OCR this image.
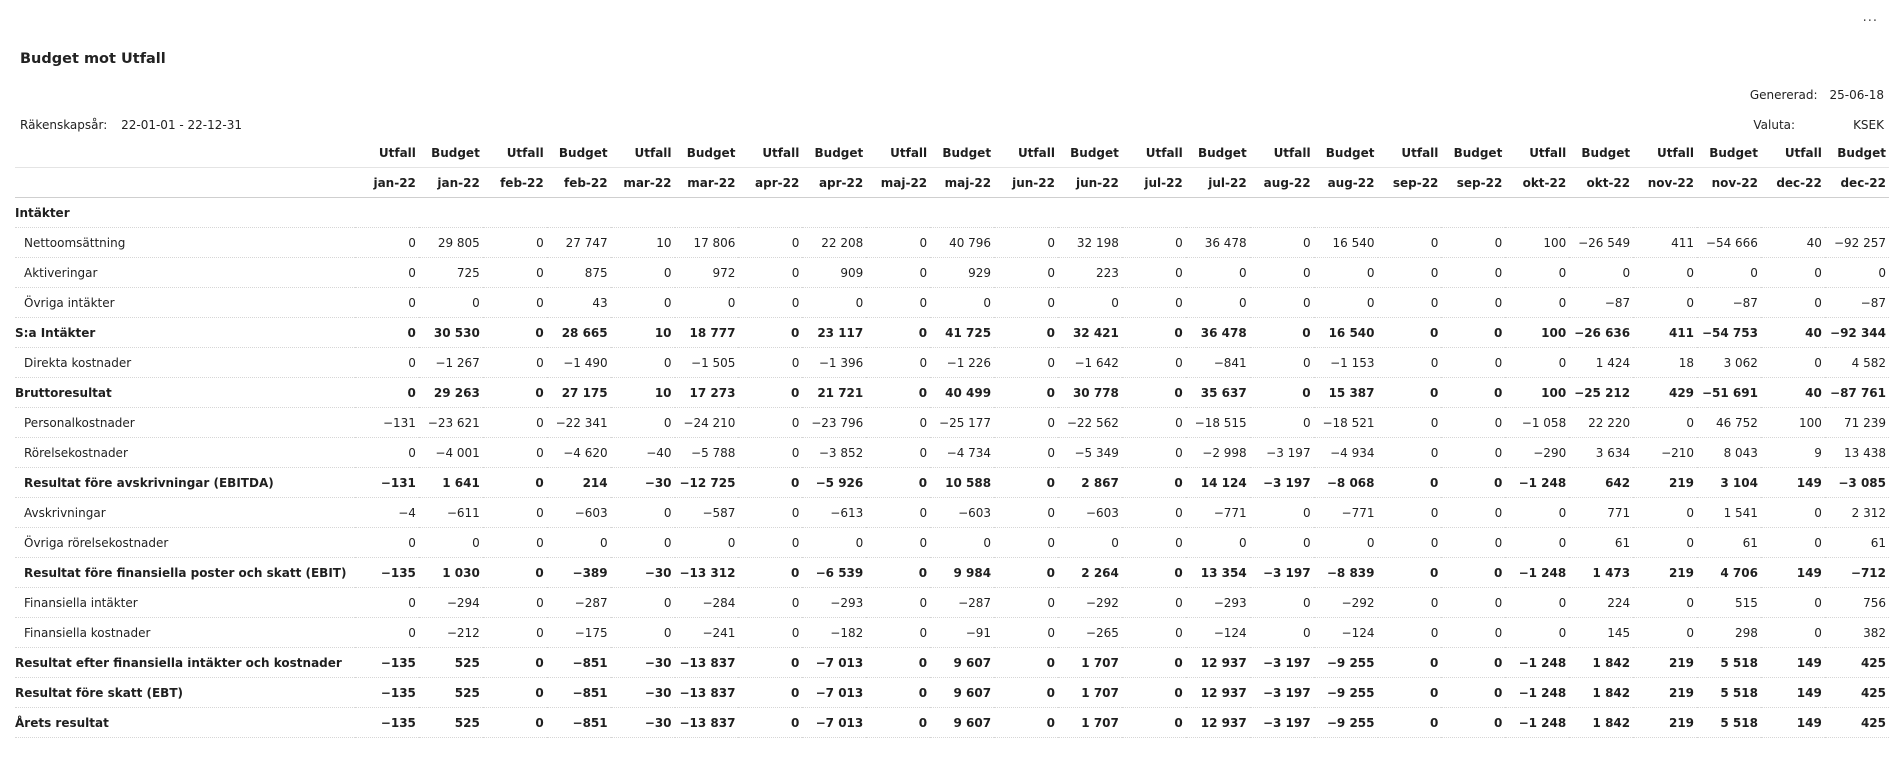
···
Budget mot Utfall
Genererad: 25-06-18
Räkenskapsår: 22-01-01 - 22-12-31	Valuta:	KSEK
	Utfall	Budget	Utfall	Budget	Utfall	Budget	Utfall	Budget	Utfall	Budget	Utfall	Budget	Utfall	Budget	Utfall	Budget	Utfall	Budget	Utfall	Budget	Utfall	Budget	Utfall	Budget
	jan-22	jan-22	feb-22	feb-22	mar-22	mar-22	apr-22	apr-22	maj-22	maj-22	jun-22	jun-22	jul-22	jul-22	aug-22	aug-22	sep-22	sep-22	okt-22	okt-22	nov-22	nov-22	dec-22	dec-22
Intäkter																								
Nettoomsättning	0	29 805	0	27 747	10	17 806	0	22 208	0	40 796	0	32 198	0	36 478	0	16 540	0	0	100	−26 549	411	−54 666	40	−92 257
Aktiveringar	0	725	0	875	0	972	0	909	0	929	0	223	0	0	0	0	0	0	0	0	0	0	0	0
Övriga intäkter	0	0	0	43	0	0	0	0	0	0	0	0	0	0	0	0	0	0	0	−87	0	−87	0	−87
S:a Intäkter	0	30 530	0	28 665	10	18 777	0	23 117	0	41 725	0	32 421	0	36 478	0	16 540	0	0	100	−26 636	411	−54 753	40	−92 344
Direkta kostnader	0	−1 267	0	−1 490	0	−1 505	0	−1 396	0	−1 226	0	−1 642	0	−841	0	−1 153	0	0	0	1 424	18	3 062	0	4 582
Bruttoresultat	0	29 263	0	27 175	10	17 273	0	21 721	0	40 499	0	30 778	0	35 637	0	15 387	0	0	100	−25 212	429	−51 691	40	−87 761
Personalkostnader	−131	−23 621	0	−22 341	0	−24 210	0	−23 796	0	−25 177	0	−22 562	0	−18 515	0	−18 521	0	0	−1 058	22 220	0	46 752	100	71 239
Rörelsekostnader	0	−4 001	0	−4 620	−40	−5 788	0	−3 852	0	−4 734	0	−5 349	0	−2 998	−3 197	−4 934	0	0	−290	3 634	−210	8 043	9	13 438
Resultat före avskrivningar (EBITDA)	−131	1 641	0	214	−30	−12 725	0	−5 926	0	10 588	0	2 867	0	14 124	−3 197	−8 068	0	0	−1 248	642	219	3 104	149	−3 085
Avskrivningar	−4	−611	0	−603	0	−587	0	−613	0	−603	0	−603	0	−771	0	−771	0	0	0	771	0	1 541	0	2 312
Övriga rörelsekostnader	0	0	0	0	0	0	0	0	0	0	0	0	0	0	0	0	0	0	0	61	0	61	0	61
Resultat före finansiella poster och skatt (EBIT)	−135	1 030	0	−389	−30	−13 312	0	−6 539	0	9 984	0	2 264	0	13 354	−3 197	−8 839	0	0	−1 248	1 473	219	4 706	149	−712
Finansiella intäkter	0	−294	0	−287	0	−284	0	−293	0	−287	0	−292	0	−293	0	−292	0	0	0	224	0	515	0	756
Finansiella kostnader	0	−212	0	−175	0	−241	0	−182	0	−91	0	−265	0	−124	0	−124	0	0	0	145	0	298	0	382
Resultat efter finansiella intäkter och kostnader	−135	525	0	−851	−30	−13 837	0	−7 013	0	9 607	0	1 707	0	12 937	−3 197	−9 255	0	0	−1 248	1 842	219	5 518	149	425
Resultat före skatt (EBT)	−135	525	0	−851	−30	−13 837	0	−7 013	0	9 607	0	1 707	0	12 937	−3 197	−9 255	0	0	−1 248	1 842	219	5 518	149	425
Årets resultat	−135	525	0	−851	−30	−13 837	0	−7 013	0	9 607	0	1 707	0	12 937	−3 197	−9 255	0	0	−1 248	1 842	219	5 518	149	425
